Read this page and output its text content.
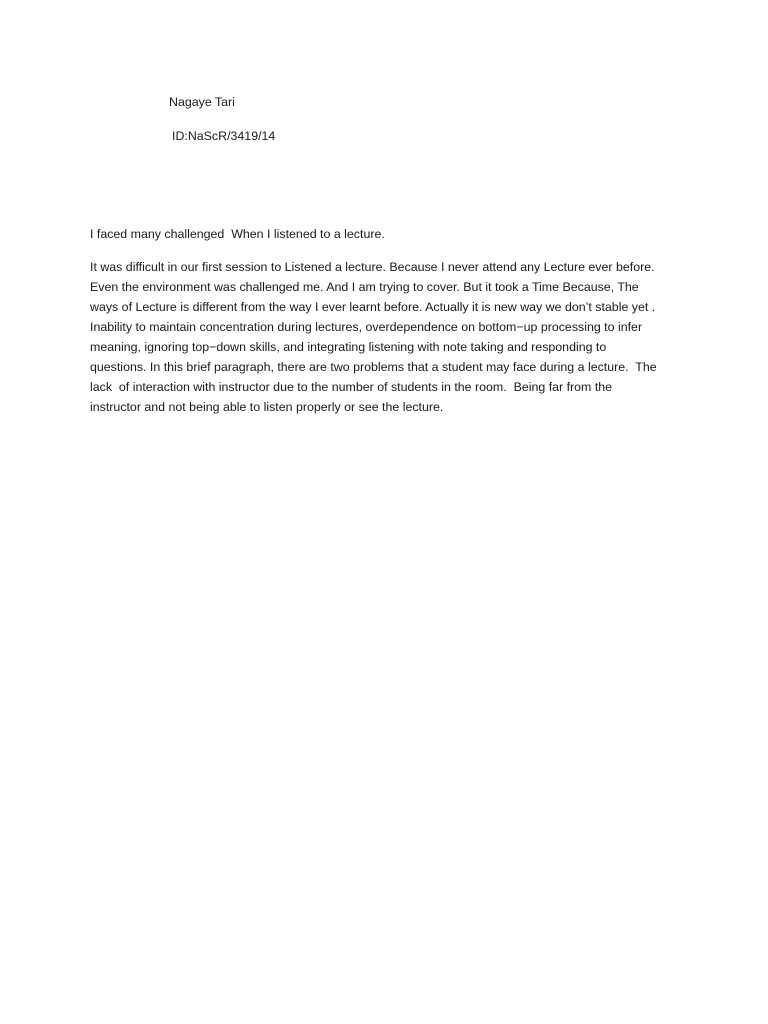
Nagaye Tari
ID:NaScR/3419/14

I faced many challenged  When I listened to a lecture.

It was difficult in our first session to Listened a lecture. Because I never attend any Lecture ever before.
Even the environment was challenged me. And I am trying to cover. But it took a Time Because, The
ways of Lecture is different from the way I ever learnt before. Actually it is new way we don’t stable yet .
Inability to maintain concentration during lectures, overdependence on bottom−up processing to infer
meaning, ignoring top−down skills, and integrating listening with note taking and responding to
questions. In this brief paragraph, there are two problems that a student may face during a lecture.  The
lack  of interaction with instructor due to the number of students in the room.  Being far from the
instructor and not being able to listen properly or see the lecture.
